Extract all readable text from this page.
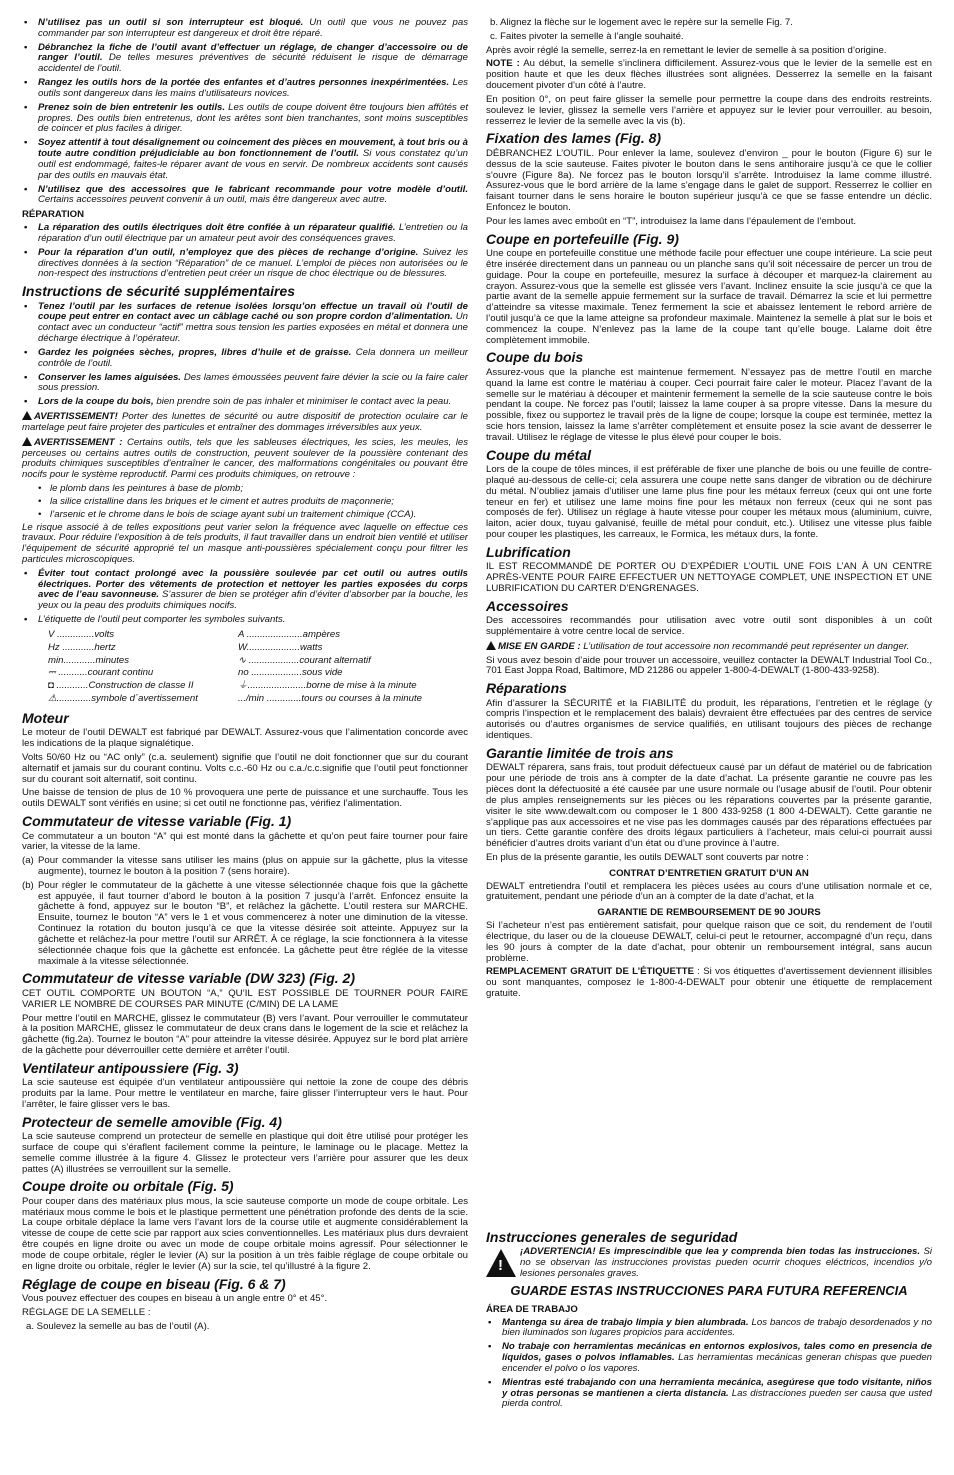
• N’utilisez pas un outil si son interrupteur est bloqué. Un outil que vous ne pouvez pas commander par son interrupteur est dangereux et droit être réparé.
• Débranchez la fiche de l’outil avant d’effectuer un réglage, de changer d’accessoire ou de ranger l’outil. De telles mesures préventives de sécurité réduisent le risque de démarrage accidentel de l’outil.
• Rangez les outils hors de la portée des enfantes et d’autres personnes inexpérimentées. Les outils sont dangereux dans les mains d’utilisateurs novices.
• Prenez soin de bien entretenir les outils. Les outils de coupe doivent être toujours bien affûtés et propres. Des outils bien entretenus, dont les arêtes sont bien tranchantes, sont moins susceptibles de coincer et plus faciles à diriger.
• Soyez attentif à tout désalignement ou coincement des pièces en mouvement, à tout bris ou à toute autre condition préjudiciable au bon fonctionnement de l’outil. Si vous constatez qu’un outil est endommagé, faites-le réparer avant de vous en servir. De nombreux accidents sont causés par des outils en mauvais état.
• N’utilisez que des accessoires que le fabricant recommande pour votre modèle d’outil. Certains accessoires peuvent convenir à un outil, mais être dangereux avec autre.
RÉPARATION
• La réparation des outils électriques doit être confiée à un réparateur qualifié. L’entretien ou la réparation d’un outil électrique par un amateur peut avoir des conséquences graves.
• Pour la réparation d’un outil, n’employez que des pièces de rechange d’origine. Suivez les directives données à la section “Réparation” de ce manuel. L’emploi de pièces non autorisées ou le non-respect des instructions d’entretien peut créer un risque de choc électrique ou de blessures.
Instructions de sécurité supplémentaires
• Tenez l’outil par les surfaces de retenue isolées lorsqu’on effectue un travail où l’outil de coupe peut entrer en contact avec un câblage caché ou son propre cordon d’alimentation. Un contact avec un conducteur “actif” mettra sous tension les parties exposées en métal et donnera une décharge électrique à l’opérateur.
• Gardez les poignées sèches, propres, libres d’huile et de graisse. Cela donnera un meilleur contrôle de l’outil.
• Conserver les lames aiguisées. Des lames émoussées peuvent faire dévier la scie ou la faire caler sous pression.
• Lors de la coupe du bois, bien prendre soin de pas inhaler et minimiser le contact avec la peau.

AVERTISSEMENT! Porter des lunettes de sécurité ou autre dispositif de protection oculaire car le martelage peut faire projeter des particules et entraîner des dommages irréversibles aux yeux.

AVERTISSEMENT : Certains outils, tels que les sableuses électriques, les scies, les meules, les perceuses ou certains autres outils de construction, peuvent soulever de la poussière contenant des produits chimiques susceptibles d’entraîner le cancer, des malformations congénitales ou pouvant être nocifs pour le système reproductif. Parmi ces produits chimiques, on retrouve :

• le plomb dans les peintures à base de plomb;
• la silice cristalline dans les briques et le ciment et autres produits de maçonnerie;
• l’arsenic et le chrome dans le bois de sciage ayant subi un traitement chimique (CCA).

Le risque associé à de telles expositions peut varier selon la fréquence avec laquelle on effectue ces travaux. Pour réduire l’exposition à de tels produits, il faut travailler dans un endroit bien ventilé et utiliser l’équipement de sécurité approprié tel un masque anti-poussières spécialement conçu pour filtrer les particules microscopiques.

• Éviter tout contact prolongé avec la poussière soulevée par cet outil ou autres outils électriques. Porter des vêtements de protection et nettoyer les parties exposées du corps avec de l’eau savonneuse. S’assurer de bien se protéger afin d’éviter d’absorber par la bouche, les yeux ou la peau des produits chimiques nocifs.
• L’étiquette de l’outil peut comporter les symboles suivants.
V ..............volts	A .....................ampères
Hz ............hertz	W....................watts
min............minutes	∿ ...................courant alternatif
⎓ ...........courant continu	no ...................sous vide
◘ ............Construction de classe II	⏚......................borne de mise à la minute
⚠.............symbole d´avertissement	.../min .............tours ou courses à la minute
Moteur

Le moteur de l’outil DEWALT est fabriqué par DEWALT. Assurez-vous que l’alimentation concorde avec les indications de la plaque signalétique.

Volts 50/60 Hz ou “AC only” (c.a. seulement) signifie que l’outil ne doit fonctionner que sur du courant alternatif et jamais sur du courant continu. Volts c.c.-60 Hz ou c.a./c.c.signifie que l’outil peut fonctionner sur du courant soit alternatif, soit continu.

Une baisse de tension de plus de 10 % provoquera une perte de puissance et une surchauffe. Tous les outils DEWALT sont vérifiés en usine; si cet outil ne fonctionne pas, vérifiez l’alimentation.

Commutateur de vitesse variable (Fig. 1)

Ce commutateur a un bouton “A” qui est monté dans la gâchette et qu’on peut faire tourner pour faire varier, la vitesse de la lame.

(a) Pour commander la vitesse sans utiliser les mains (plus on appuie sur la gâchette, plus la vitesse augmente), tournez le bouton à la position 7 (sens horaire).
(b) Pour régler le commutateur de la gâchette à une vitesse sélectionnée chaque fois que la gâchette est appuyée, il faut tourner d’abord le bouton à la position 7 jusqu’à l’arrêt. Enfoncez ensuite la gâchette à fond, appuyez sur le bouton “B”, et relâchez la gâchette. L’outil restera sur MARCHE. Ensuite, tournez le bouton “A” vers le 1 et vous commencerez à noter une diminution de la vitesse. Continuez la rotation du bouton jusqu’à ce que la vitesse désirée soit atteinte. Appuyez sur la gâchette et relâchez-la pour mettre l’outil sur ARRÊT. À ce réglage, la scie fonctionnera à la vitesse sélectionnée chaque fois que la gâchette est enfoncée. La gâchette peut être réglée de la vitesse maximale à la vitesse sélectionnée.
Commutateur de vitesse variable (DW 323) (Fig. 2)

CET OUTIL COMPORTE UN BOUTON “A,” QU’IL EST POSSIBLE DE TOURNER POUR FAIRE VARIER LE NOMBRE DE COURSES PAR MINUTE (C/MIN) DE LA LAME

Pour mettre l’outil en MARCHE, glissez le commutateur (B) vers l’avant. Pour verrouiller le commutateur à la position MARCHE, glissez le commutateur de deux crans dans le logement de la scie et relâchez la gâchette (fig.2a). Tournez le bouton “A” pour atteindre la vitesse désirée. Appuyez sur le bord plat arrière de la gâchette pour déverrouiller cette dernière et arrêter l’outil.

Ventilateur antipoussiere (Fig. 3)

La scie sauteuse est équipée d’un ventilateur antipoussière qui nettoie la zone de coupe des débris produits par la lame. Pour mettre le ventilateur en marche, faire glisser l’interrupteur vers le haut. Pour l’arrêter, le faire glisser vers le bas.

Protecteur de semelle amovible (Fig. 4)

La scie sauteuse comprend un protecteur de semelle en plastique qui doit être utilisé pour protéger les surface de coupe qui s’éraflent facilement comme la peinture, le laminage ou le placage. Mettez la semelle comme illustrée à la figure 4. Glissez le protecteur vers l’arrière pour assurer que les deux pattes (A) illustrées se verrouillent sur la semelle.

Coupe droite ou orbitale (Fig. 5)

Pour couper dans des matériaux plus mous, la scie sauteuse comporte un mode de coupe orbitale. Les matériaux mous comme le bois et le plastique permettent une pénétration profonde des dents de la scie. La coupe orbitale déplace la lame vers l’avant lors de la course utile et augmente considérablement la vitesse de coupe de cette scie par rapport aux scies conventionnelles. Les matériaux plus durs devraient être coupés en ligne droite ou avec un mode de coupe orbitale moins agressif. Pour sélectionner le mode de coupe orbitale, régler le levier (A) sur la position à un très faible réglage de coupe orbitale ou en ligne droite ou orbitale, régler le levier (A) sur la scie, tel qu’illustré à la figure 2.

Réglage de coupe en biseau (Fig. 6 & 7)

Vous pouvez effectuer des coupes en biseau à un angle entre 0° et 45°.

RÉGLAGE DE LA SEMELLE :

a. Soulevez la semelle au bas de l’outil (A).

b. Alignez la flèche sur le logement avec le repère sur la semelle Fig. 7.

c. Faites pivoter la semelle à l’angle souhaité.

Après avoir réglé la semelle, serrez-la en remettant le levier de semelle à sa position d’origine.

NOTE : Au début, la semelle s’inclinera difficilement. Assurez-vous que le levier de la semelle est en position haute et que les deux flèches illustrées sont alignées. Desserrez la semelle en la faisant doucement pivoter d’un côté à l’autre.

En position 0°, on peut faire glisser la semelle pour permettre la coupe dans des endroits restreints. soulevez le levier, glissez la semelle vers l’arrière et appuyez sur le levier pour verrouiller. au besoin, resserrez le levier de la semelle avec la vis (b).

Fixation des lames (Fig. 8)

DÉBRANCHEZ L’OUTIL. Pour enlever la lame, soulevez d’environ _ pour le bouton (Figure 6) sur le dessus de la scie sauteuse. Faites pivoter le bouton dans le sens antihoraire jusqu’à ce que le collier s’ouvre (Figure 8a). Ne forcez pas le bouton lorsqu’il s’arrête. Introduisez la lame comme illustré. Assurez-vous que le bord arrière de la lame s’engage dans le galet de support. Resserrez le collier en faisant tourner dans le sens horaire le bouton supérieur jusqu’à ce que se fasse entendre un déclic. Enfoncez le bouton.

Pour les lames avec emboût en “T”, introduisez la lame dans l’épaulement de l’embout.

Coupe en portefeuille (Fig. 9)

Une coupe en portefeuille constitue une méthode facile pour effectuer une coupe intérieure. La scie peut être insérée directement dans un panneau ou un planche sans qu’il soit nécessaire de percer un trou de guidage. Pour la coupe en portefeuille, mesurez la surface à découper et marquez-la clairement au crayon. Assurez-vous que la semelle est glissée vers l’avant. Inclinez ensuite la scie jusqu’à ce que la partie avant de la semelle appuie fermement sur la surface de travail. Démarrez la scie et lui permettre d’atteindre sa vitesse maximale. Tenez fermement la scie et abaissez lentement le rebord arrière de l’outil jusqu’à ce que la lame atteigne sa profondeur maximale. Maintenez la semelle à plat sur le bois et commencez la coupe. N’enlevez pas la lame de la coupe tant qu’elle bouge. Lalame doit être complètement immobile.

Coupe du bois

Assurez-vous que la planche est maintenue fermement. N’essayez pas de mettre l’outil en marche quand la lame est contre le matériau à couper. Ceci pourrait faire caler le moteur. Placez l’avant de la semelle sur le matériau à découper et maintenir fermement la semelle de la scie sauteuse contre le bois pendant la coupe. Ne forcez pas l’outil; laissez la lame couper à sa propre vitesse. Dans la mesure du possible, fixez ou supportez le travail près de la ligne de coupe; lorsque la coupe est terminée, mettez la scie hors tension, laissez la lame s’arrêter complètement et ensuite posez la scie avant de desserrer le travail. Utilisez le réglage de vitesse le plus élevé pour couper le bois.

Coupe du métal

Lors de la coupe de tôles minces, il est préférable de fixer une planche de bois ou une feuille de contre-plaqué au-dessous de celle-ci; cela assurera une coupe nette sans danger de vibration ou de déchirure du métal. N’oubliez jamais d’utiliser une lame plus fine pour les métaux ferreux (ceux qui ont une forte teneur en fer) et utilisez une lame moins fine pour les métaux non ferreux (ceux qui ne sont pas composés de fer). Utilisez un réglage à haute vitesse pour couper les métaux mous (aluminium, cuivre, laiton, acier doux, tuyau galvanisé, feuille de métal pour conduit, etc.). Utilisez une vitesse plus faible pour couper les plastiques, les carreaux, le Formica, les métaux durs, la fonte.

Lubrification

IL EST RECOMMANDÉ DE PORTER OU D’EXPÉDIER L’OUTIL UNE FOIS L’AN À UN CENTRE APRÈS-VENTE POUR FAIRE EFFECTUER UN NETTOYAGE COMPLET, UNE INSPECTION ET UNE LUBRIFICATION DU CARTER D’ENGRENAGES.

Accessoires

Des accessoires recommandés pour utilisation avec votre outil sont disponibles à un coût supplémentaire à votre centre local de service.

MISE EN GARDE : L’utilisation de tout accessoire non recommandé peut représenter un danger.

Si vous avez besoin d’aide pour trouver un accessoire, veuillez contacter la DEWALT Industrial Tool Co., 701 East Joppa Road, Baltimore, MD 21286 ou appeler 1-800-4-DEWALT (1-800-433-9258).

Réparations

Afin d’assurer la SÉCURITÉ et la FIABILITÉ du produit, les réparations, l’entretien et le réglage (y compris l’inspection et le remplacement des balais) devraient être effectuées par des centres de service autorisés ou d’autres organismes de service qualifiés, en utilisant toujours des pièces de rechange identiques.

Garantie limitée de trois ans

DEWALT réparera, sans frais, tout produit défectueux causé par un défaut de matériel ou de fabrication pour une période de trois ans à compter de la date d’achat. La présente garantie ne couvre pas les pièces dont la défectuosité a été causée par une usure normale ou l’usage abusif de l’outil. Pour obtenir de plus amples renseignements sur les pièces ou les réparations couvertes par la présente garantie, visiter le site www.dewalt.com ou composer le 1 800 433-9258 (1 800 4-DEWALT). Cette garantie ne s’applique pas aux accessoires et ne vise pas les dommages causés par des réparations effectuées par un tiers. Cette garantie confère des droits légaux particuliers à l’acheteur, mais celui-ci pourrait aussi bénéficier d’autres droits variant d’un état ou d’une province à l’autre.

En plus de la présente garantie, les outils DEWALT sont couverts par notre :

CONTRAT D’ENTRETIEN GRATUIT D’UN AN

DEWALT entretiendra l’outil et remplacera les pièces usées au cours d’une utilisation normale et ce, gratuitement, pendant une période d’un an à compter de la date d’achat, et la

GARANTIE DE REMBOURSEMENT DE 90 JOURS

Si l’acheteur n’est pas entièrement satisfait, pour quelque raison que ce soit, du rendement de l’outil électrique, du laser ou de la cloueuse DEWALT, celui-ci peut le retourner, accompagné d’un reçu, dans les 90 jours à compter de la date d’achat, pour obtenir un remboursement intégral, sans aucun problème.

REMPLACEMENT GRATUIT DE L’ÉTIQUETTE : Si vos étiquettes d’avertissement deviennent illisibles ou sont manquantes, composez le 1-800-4-DEWALT pour obtenir une étiquette de remplacement gratuite.

Instrucciones generales de seguridad
!

¡ADVERTENCIA! Es imprescindible que lea y comprenda bien todas las instrucciones. Si no se observan las instrucciones provistas pueden ocurrir choques eléctricos, incendios y/o lesiones personales graves.

GUARDE ESTAS INSTRUCCIONES PARA FUTURA REFERENCIA
ÁREA DE TRABAJO
• Mantenga su área de trabajo limpia y bien alumbrada. Los bancos de trabajo desordenados y no bien iluminados son lugares propicios para accidentes.
• No trabaje con herramientas mecánicas en entornos explosivos, tales como en presencia de líquidos, gases o polvos inflamables. Las herramientas mecánicas generan chispas que pueden encender el polvo o los vapores.
• Mientras esté trabajando con una herramienta mecánica, asegúrese que todo visitante, niños y otras personas se mantienen a cierta distancia. Las distracciones pueden ser causa que usted pierda control.
